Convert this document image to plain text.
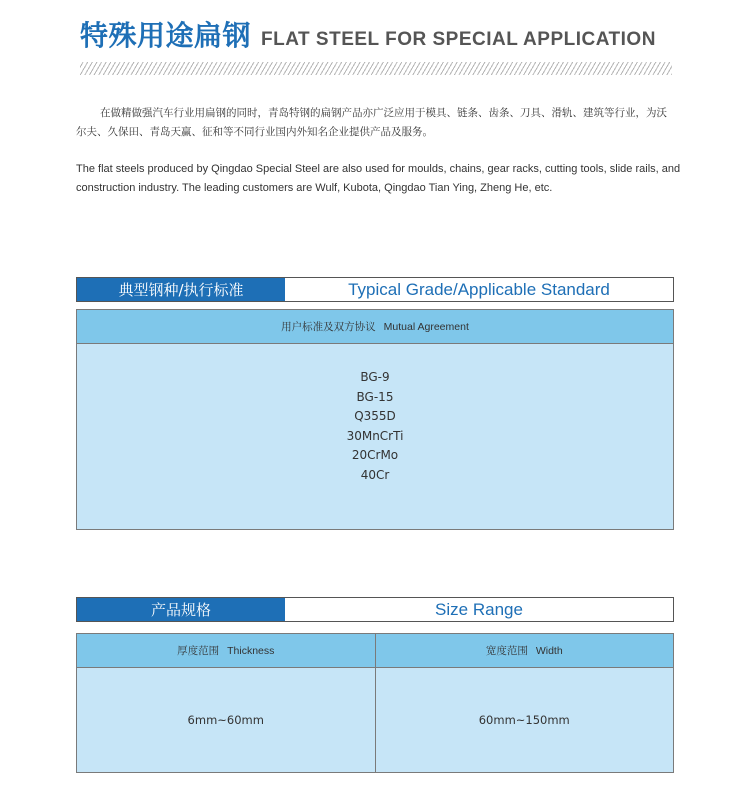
特殊用途扁钢 FLAT STEEL FOR SPECIAL APPLICATION

在做精做强汽车行业用扁钢的同时，青岛特钢的扁钢产品亦广泛应用于模具、链条、齿条、刀具、滑轨、建筑等行业，为沃尔夫、久保田、青岛天赢、征和等不同行业国内外知名企业提供产品及服务。

The flat steels produced by Qingdao Special Steel are also used for moulds, chains, gear racks, cutting tools, slide rails, and construction industry. The leading customers are Wulf, Kubota, Qingdao Tian Ying, Zheng He, etc.

典型钢种/执行标准	Typical Grade/Applicable Standard
用户标准及双方协议 Mutual Agreement
BG-9
BG-15
Q355D
30MnCrTi
20CrMo
40Cr
产品规格	Size Range
厚度范围 Thickness
6mm~60mm
宽度范围 Width
60mm~150mm
